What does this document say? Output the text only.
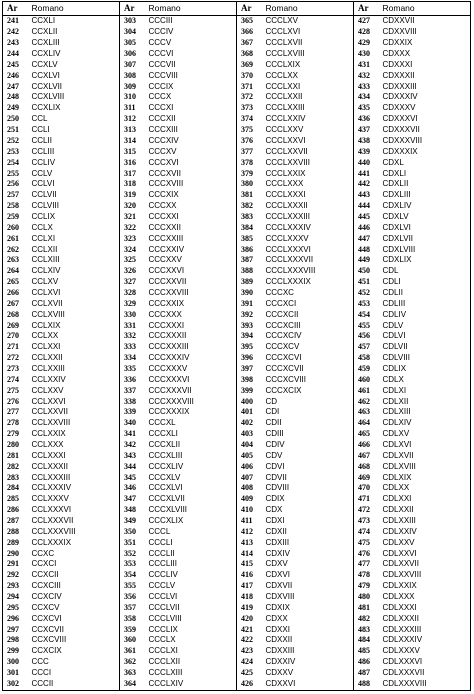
Ar	Romano	Ar	Romano	Ar	Romano	Ar	Romano
241	CCXLI	303	CCCIII	365	CCCLXV	427	CDXXVII
242	CCXLII	304	CCCIV	366	CCCLXVI	428	CDXXVIII
243	CCXLIII	305	CCCV	367	CCCLXVII	429	CDXXIX
244	CCXLIV	306	CCCVI	368	CCCLXVIII	430	CDXXX
245	CCXLV	307	CCCVII	369	CCCLXIX	431	CDXXXI
246	CCXLVI	308	CCCVIII	370	CCCLXX	432	CDXXXII
247	CCXLVII	309	CCCIX	371	CCCLXXI	433	CDXXXIII
248	CCXLVIII	310	CCCX	372	CCCLXXII	434	CDXXXIV
249	CCXLIX	311	CCCXI	373	CCCLXXIII	435	CDXXXV
250	CCL	312	CCCXII	374	CCCLXXIV	436	CDXXXVI
251	CCLI	313	CCCXIII	375	CCCLXXV	437	CDXXXVII
252	CCLII	314	CCCXIV	376	CCCLXXVI	438	CDXXXVIII
253	CCLIII	315	CCCXV	377	CCCLXXVII	439	CDXXXIX
254	CCLIV	316	CCCXVI	378	CCCLXXVIII	440	CDXL
255	CCLV	317	CCCXVII	379	CCCLXXIX	441	CDXLI
256	CCLVI	318	CCCXVIII	380	CCCLXXX	442	CDXLII
257	CCLVII	319	CCCXIX	381	CCCLXXXI	443	CDXLIII
258	CCLVIII	320	CCCXX	382	CCCLXXXII	444	CDXLIV
259	CCLIX	321	CCCXXI	383	CCCLXXXIII	445	CDXLV
260	CCLX	322	CCCXXII	384	CCCLXXXIV	446	CDXLVI
261	CCLXI	323	CCCXXIII	385	CCCLXXXV	447	CDXLVII
262	CCLXII	324	CCCXXIV	386	CCCLXXXVI	448	CDXLVIII
263	CCLXIII	325	CCCXXV	387	CCCLXXXVII	449	CDXLIX
264	CCLXIV	326	CCCXXVI	388	CCCLXXXVIII	450	CDL
265	CCLXV	327	CCCXXVII	389	CCCLXXXIX	451	CDLI
266	CCLXVI	328	CCCXXVIII	390	CCCXC	452	CDLII
267	CCLXVII	329	CCCXXIX	391	CCCXCI	453	CDLIII
268	CCLXVIII	330	CCCXXX	392	CCCXCII	454	CDLIV
269	CCLXIX	331	CCCXXXI	393	CCCXCIII	455	CDLV
270	CCLXX	332	CCCXXXII	394	CCCXCIV	456	CDLVI
271	CCLXXI	333	CCCXXXIII	395	CCCXCV	457	CDLVII
272	CCLXXII	334	CCCXXXIV	396	CCCXCVI	458	CDLVIII
273	CCLXXIII	335	CCCXXXV	397	CCCXCVII	459	CDLIX
274	CCLXXIV	336	CCCXXXVI	398	CCCXCVIII	460	CDLX
275	CCLXXV	337	CCCXXXVII	399	CCCXCIX	461	CDLXI
276	CCLXXVI	338	CCCXXXVIII	400	CD	462	CDLXII
277	CCLXXVII	339	CCCXXXIX	401	CDI	463	CDLXIII
278	CCLXXVIII	340	CCCXL	402	CDII	464	CDLXIV
279	CCLXXIX	341	CCCXLI	403	CDIII	465	CDLXV
280	CCLXXX	342	CCCXLII	404	CDIV	466	CDLXVI
281	CCLXXXI	343	CCCXLIII	405	CDV	467	CDLXVII
282	CCLXXXII	344	CCCXLIV	406	CDVI	468	CDLXVIII
283	CCLXXXIII	345	CCCXLV	407	CDVII	469	CDLXIX
284	CCLXXXIV	346	CCCXLVI	408	CDVIII	470	CDLXX
285	CCLXXXV	347	CCCXLVII	409	CDIX	471	CDLXXI
286	CCLXXXVI	348	CCCXLVIII	410	CDX	472	CDLXXII
287	CCLXXXVII	349	CCCXLIX	411	CDXI	473	CDLXXIII
288	CCLXXXVIII	350	CCCL	412	CDXII	474	CDLXXIV
289	CCLXXXIX	351	CCCLI	413	CDXIII	475	CDLXXV
290	CCXC	352	CCCLII	414	CDXIV	476	CDLXXVI
291	CCXCI	353	CCCLIII	415	CDXV	477	CDLXXVII
292	CCXCII	354	CCCLIV	416	CDXVI	478	CDLXXVIII
293	CCXCIII	355	CCCLV	417	CDXVII	479	CDLXXIX
294	CCXCIV	356	CCCLVI	418	CDXVIII	480	CDLXXX
295	CCXCV	357	CCCLVII	419	CDXIX	481	CDLXXXI
296	CCXCVI	358	CCCLVIII	420	CDXX	482	CDLXXXII
297	CCXCVII	359	CCCLIX	421	CDXXI	483	CDLXXXIII
298	CCXCVIII	360	CCCLX	422	CDXXII	484	CDLXXXIV
299	CCXCIX	361	CCCLXI	423	CDXXIII	485	CDLXXXV
300	CCC	362	CCCLXII	424	CDXXIV	486	CDLXXXVI
301	CCCI	363	CCCLXIII	425	CDXXV	487	CDLXXXVII
302	CCCII	364	CCCLXIV	426	CDXXVI	488	CDLXXXVIII
